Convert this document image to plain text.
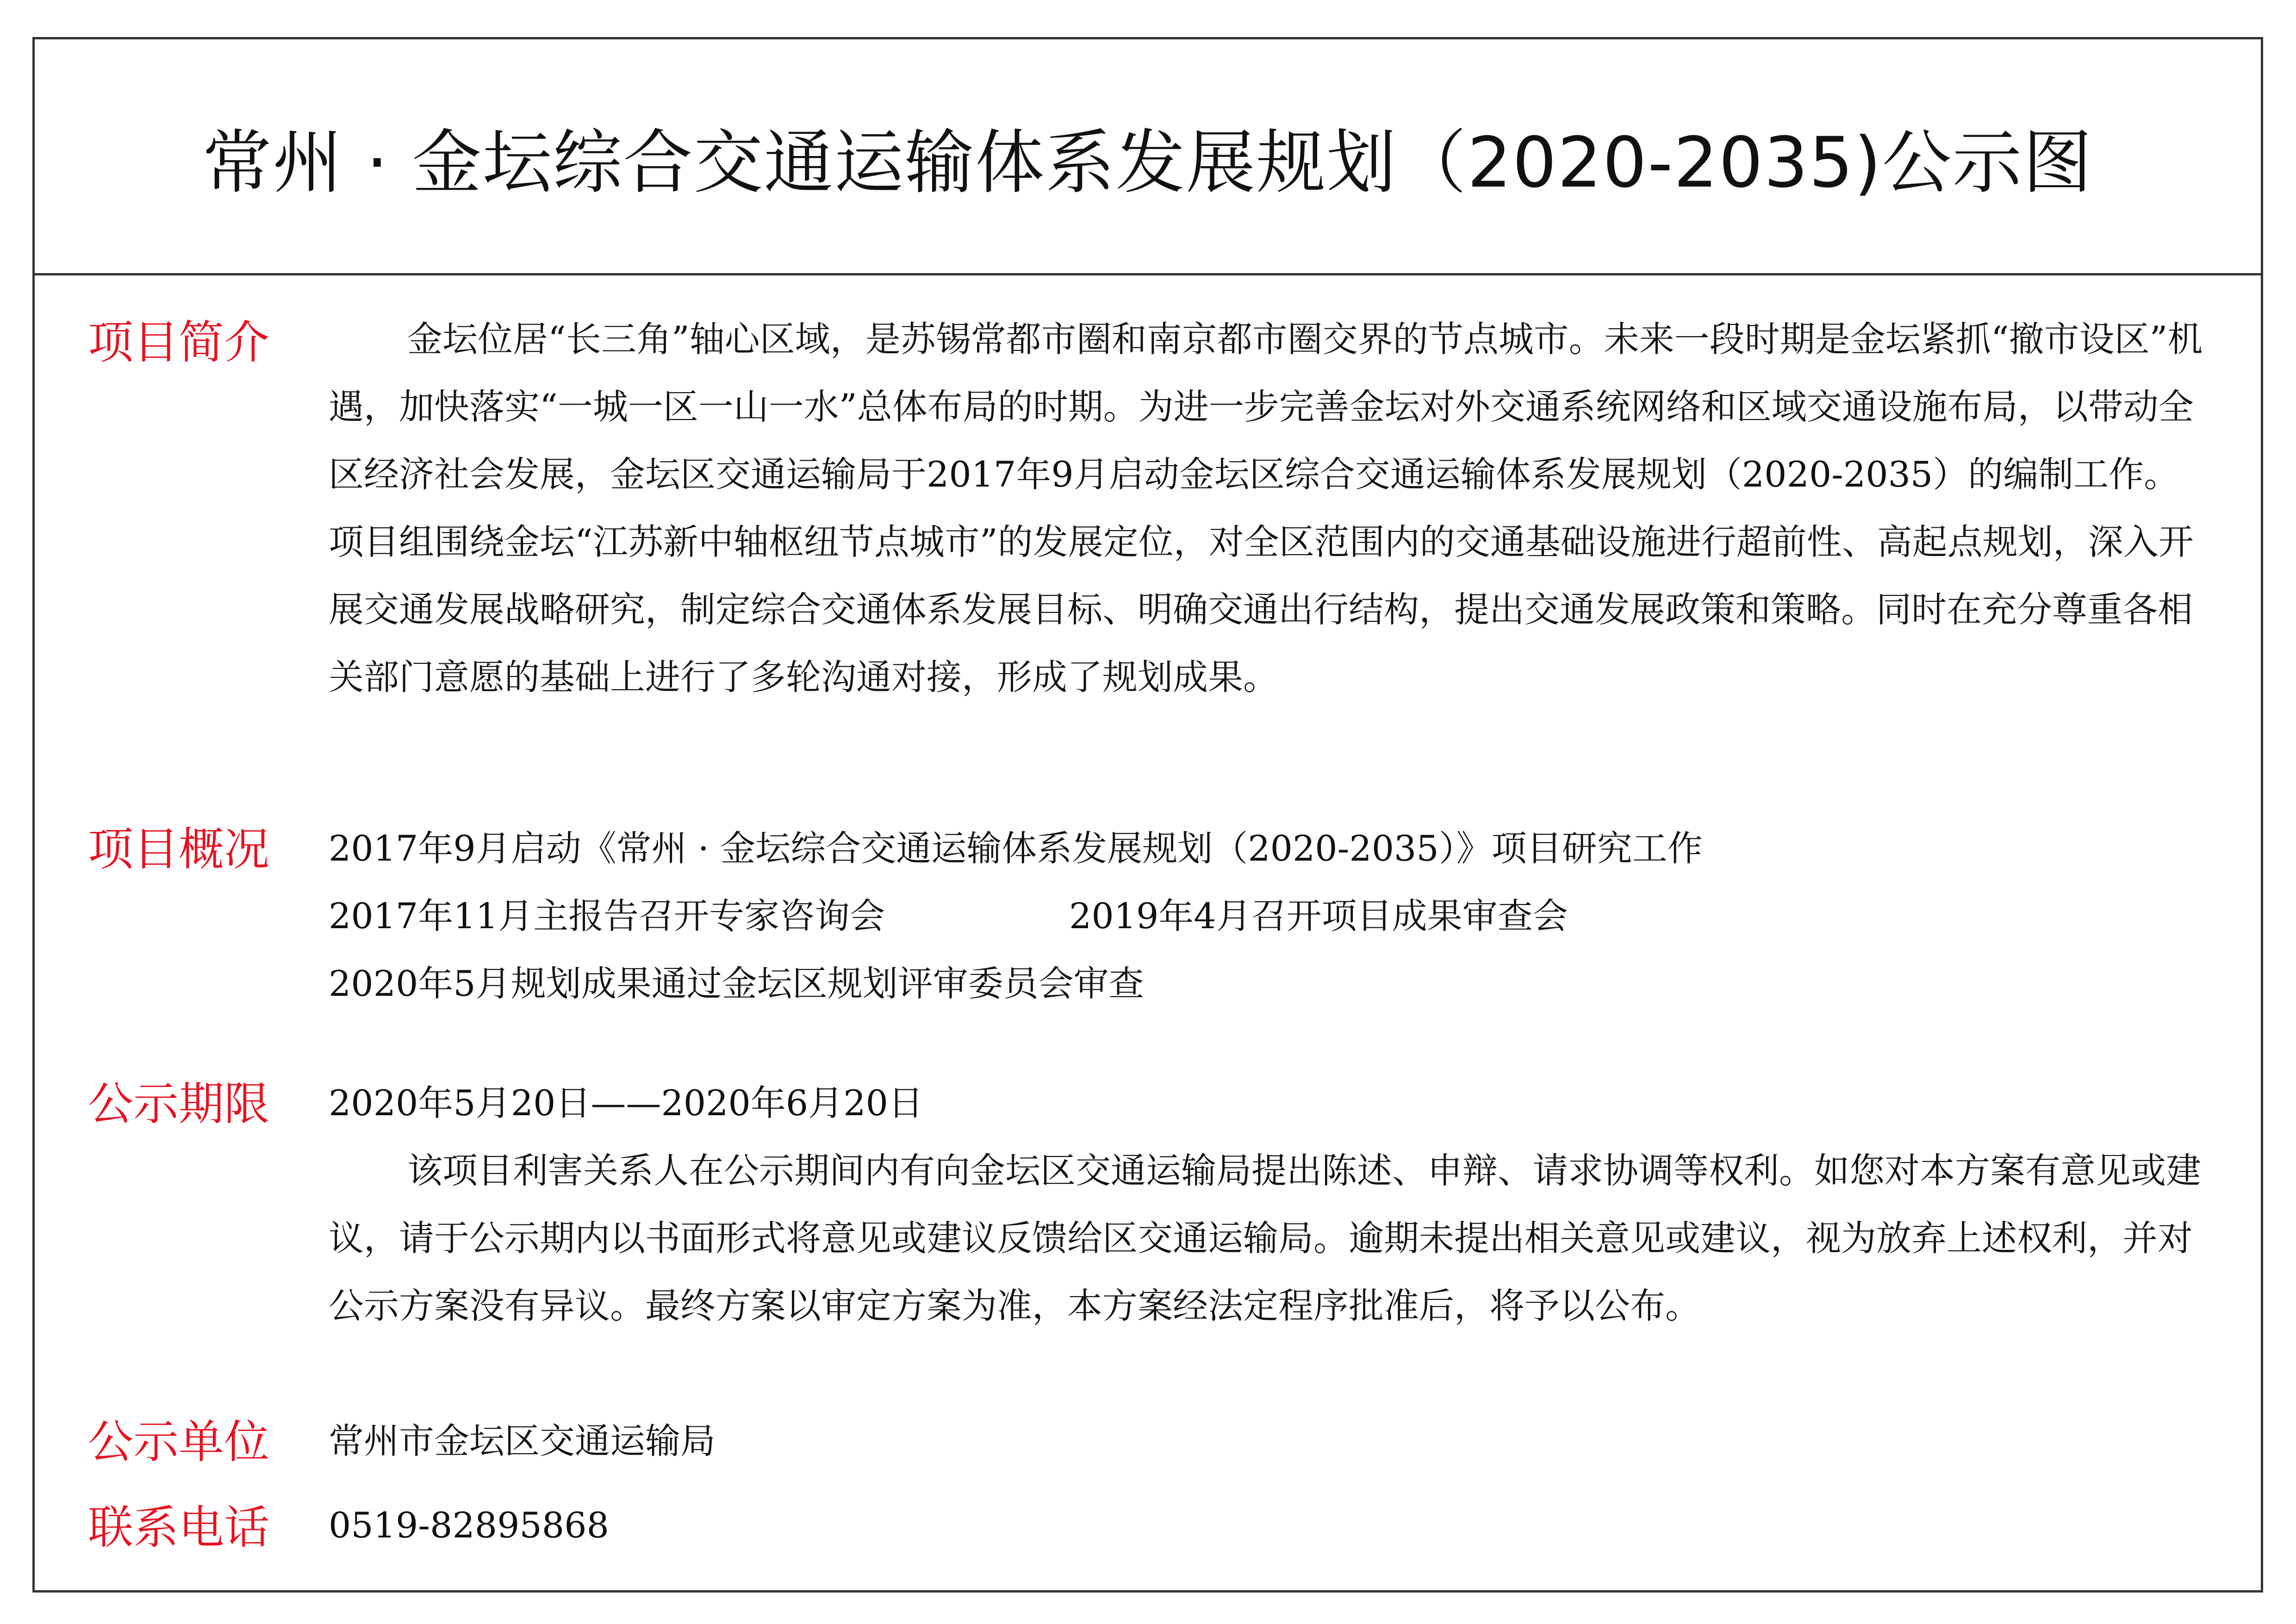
常州 · 金坛综合交通运输体系发展规划（2020-2035)公示图
项目简介	金坛位居“长三角”轴心区域，是苏锡常都市圈和南京都市圈交界的节点城市。未来一段时期是金坛紧抓“撤市设区”机遇，加快落实“一城一区一山一水”总体布局的时期。为进一步完善金坛对外交通系统网络和区域交通设施布局，以带动全区经济社会发展，金坛区交通运输局于2017年9月启动金坛区综合交通运输体系发展规划（2020-2035）的编制工作。项目组围绕金坛“江苏新中轴枢纽节点城市”的发展定位，对全区范围内的交通基础设施进行超前性、高起点规划，深入开展交通发展战略研究，制定综合交通体系发展目标、明确交通出行结构，提出交通发展政策和策略。同时在充分尊重各相关部门意愿的基础上进行了多轮沟通对接，形成了规划成果。

项目概况 2017年9月启动《常州 · 金坛综合交通运输体系发展规划（2020-2035）》项目研究工作

2017年11月主报告召开专家咨询会	2019年4月召开项目成果审查会

2020年5月规划成果通过金坛区规划评审委员会审查

公示期限 2020年5月20日——2020年6月20日

该项目利害关系人在公示期间内有向金坛区交通运输局提出陈述、申辩、请求协调等权利。如您对本方案有意见或建议，请于公示期内以书面形式将意见或建议反馈给区交通运输局。逾期未提出相关意见或建议，视为放弃上述权利，并对公示方案没有异议。最终方案以审定方案为准，本方案经法定程序批准后，将予以公布。

公示单位 常州市金坛区交通运输局

联系电话 0519-82895868
